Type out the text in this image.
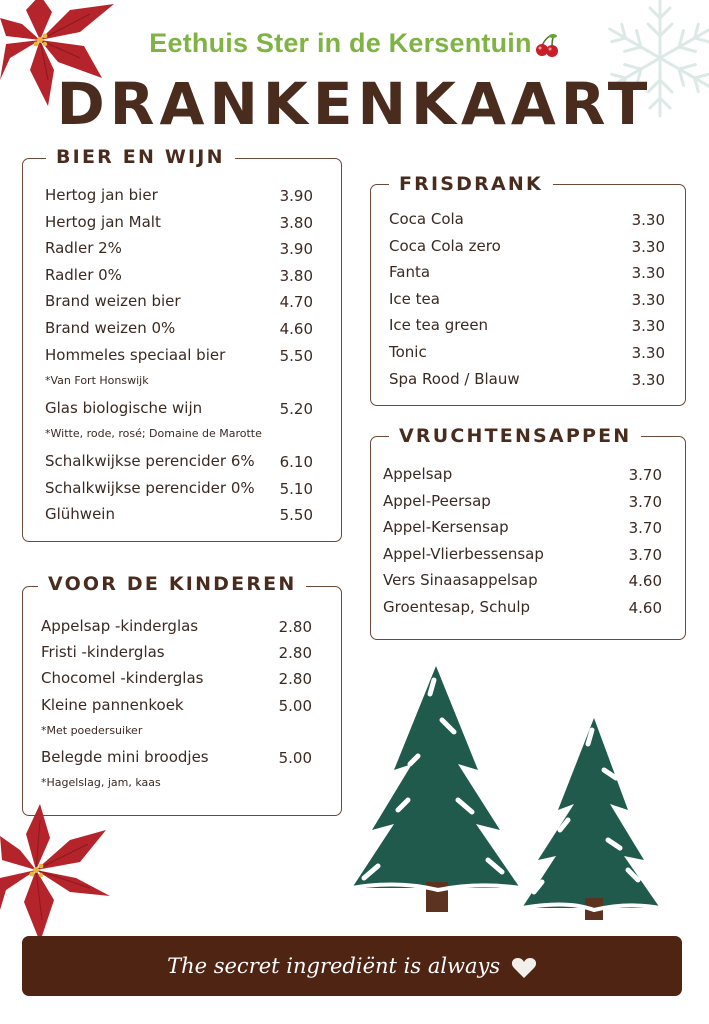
Eethuis Ster in de Kersentuin
DRANKENKAART
BIER EN WIJN
Hertog jan bier	3.90
Hertog jan Malt	3.80
Radler 2%	3.90
Radler 0%	3.80
Brand weizen bier	4.70
Brand weizen 0%	4.60
Hommeles speciaal bier	5.50
*Van Fort Honswijk
Glas biologische wijn	5.20
*Witte, rode, rosé; Domaine de Marotte
Schalkwijkse perencider 6%	6.10
Schalkwijkse perencider 0%	5.10
Glühwein	5.50
FRISDRANK
Coca Cola	3.30
Coca Cola zero	3.30
Fanta	3.30
Ice tea	3.30
Ice tea green	3.30
Tonic	3.30
Spa Rood / Blauw	3.30
VRUCHTENSAPPEN
Appelsap	3.70
Appel-Peersap	3.70
Appel-Kersensap	3.70
Appel-Vlierbessensap	3.70
Vers Sinaasappelsap	4.60
Groentesap, Schulp	4.60
VOOR DE KINDEREN
Appelsap -kinderglas	2.80
Fristi -kinderglas	2.80
Chocomel -kinderglas	2.80
Kleine pannenkoek	5.00
*Met poedersuiker
Belegde mini broodjes	5.00
*Hagelslag, jam, kaas
The secret ingrediënt is always
